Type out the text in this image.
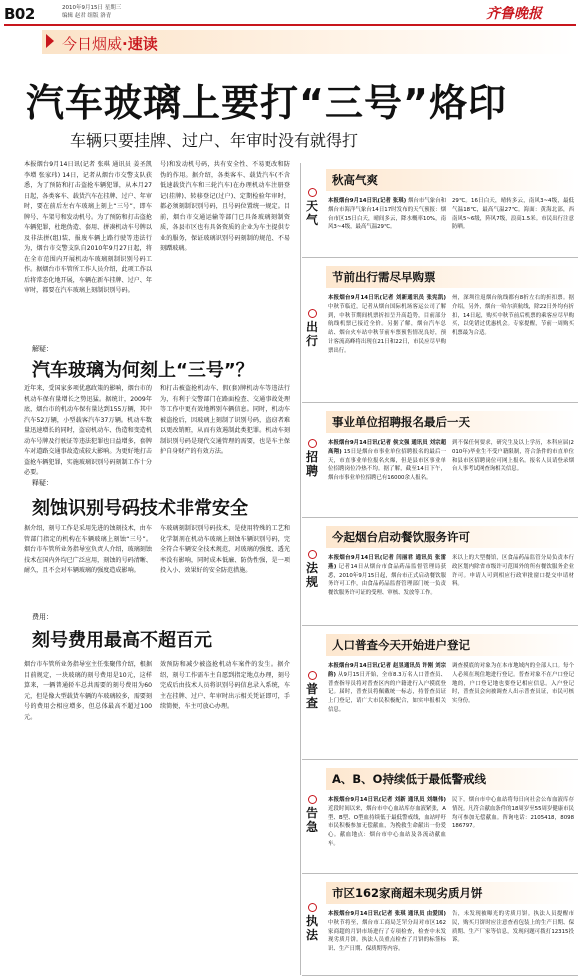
B02	2010年9月15日 星期三
编辑 赵君 组版 洛青	齐鲁晚报
今日烟威·速读
汽车玻璃上要打“三号”烙印
车辆只要挂牌、过户、年审时没有就得打
本报烟台9月14日讯(记者 张琪 通讯员 姜圣凯 李增 张家玮) 14日，记者从烟台市交警支队获悉，为了预防和打击盗抢车辆犯罪，从本月27日起，各类客车、载货汽车在挂牌、过户、年审时，要在前后左右车玻璃上刻上“三号”，即车牌号、车架号和发动机号。为了预防和打击盗抢车辆犯罪，杜绝伪造、套用、拼凑机动车号牌以及非法拼(组)装、报废车辆上路行驶等违法行为，烟台市交警支队自2010年9月27日起，将在全市范围内开展机动车玻璃刻制识别号码工作。据烟台市车管所工作人员介绍，此项工作以后将常态化地开展，车辆在新车挂牌、过户、年审时，都要在汽车玻璃上刻制识别号码。
号)和发动机号码，共有安全性、不易更改和防伪的作用。据介绍，各类客车、载货汽车(不含低速载货汽车和三轮汽车)在办理机动车注册登记(挂牌)、转移登记(过户)、定期检验年审时，都必须刻制识别号码，且号码位置统一规定。目前，烟台市交通运输等部门已具备玻璃刻制资质，各县市区也有具备资质的企业为车主提供专业的服务，保证玻璃识别号码刻制的规范、不易刻蹭玻璃。
解疑：
汽车玻璃为何刻上“三号”？
近年来，受国家多项优惠政策的影响，烟台市的机动车保有量增长之势迅猛。据统计，2009年底，烟台市的机动车保有量达到155万辆，其中汽车52万辆，小型载客汽车37万辆。机动车数量迅速增长的同时，盗窃机动车、伪造和变造机动车号牌及行驶证等违法犯罪也日益增多，套牌车对道路交通事故造成较大影响。为更好地打击盗抢车辆犯罪，实施玻璃识别号码刻制工作十分必要。
和打击被盗抢机动车、假(套)牌机动车等违法行为，有利于交警部门在路面检查、交通事故处理等工作中更有效地辨别车辆信息。同时，机动车被盗抢后，因玻璃上刻制了识别号码，盗窃者难以更改销赃，从而有效遏制此类犯罪。机动车刻制识别号码是现代交通管理的需要，也是车主保护自身财产的有效方法。
释疑：
刻蚀识别号码技术非常安全
据介绍，刻号工作是采用先进的蚀刻技术，由车管部门指定的机构在车辆玻璃上刻蚀“三号”。烟台市车管所业务指导室负责人介绍，玻璃刻蚀技术在国内外均已广泛应用，刻蚀的号码清晰、耐久，且不会对车辆玻璃的强度造成影响。
车玻璃刻制识别号码技术，是使用特殊的工艺和化学制剂在机动车玻璃上刻蚀车辆识别号码，完全符合车辆安全技术规范，对玻璃的强度、透光率没有影响，同时成本低廉、防伪性强，是一项投入小、效果好的安全防范措施。
费用：
刻号费用最高不超百元
烟台市车管所业务指导室主任张聚伟介绍，根据目前规定，一块玻璃的刻号费用是10元，这样算来，一辆普通轿车总共需要的刻号费用为60元，但是像大型载货车辆的车玻璃较多，需要刻号的费用会相应增多，但总体最高不超过100元。
效预防和减少被盗抢机动车案件的发生。据介绍，刻号工作需车主自愿到指定地点办理，刻号完成后由技术人员将识别号码信息录入系统，车主在挂牌、过户、年审时出示相关凭证即可，手续简便，车主可放心办理。
天气
秋高气爽
本报烟台9月14日讯(记者 张琪) 烟台市气象台和烟台市海洋气象台14日17时发布的天气预报：烟台市区15日白天，晴间多云，降水概率10%，南风3~4级，最高气温29℃。
29℃。16日白天，晴转多云，南风3~4级，最低气温18℃，最高气温27℃。海面：黄海北部，西南风5~6级，阵风7级，浪高1.5米。市民出行注意防晒。
出行
节前出行需尽早购票
本报烟台9月14日讯(记者 刘新通讯员 张宪凯) 中秋节临近，记者从烟台国际机场客运公司了解到，中秋节期间机票折扣呈升高趋势，目前部分航线机票已接近全价。另据了解，烟台汽车总站、烟台火车站中秋节前车票预售情况良好，预计客流高峰将出现在21日和22日，市民应尽早购票出行。
州，深圳往返烟台航线都有8折左右的折扣票。据介绍，另外，烟台一哈尔滨航线，除22日外均有折扣，14日起，购买中秋节前后机票的乘客应尽早购买，以免错过优惠机会。专家提醒，节前一周购买机票最为合适。
招聘
事业单位招聘报名最后一天
本报烟台9月14日讯(记者 侯文强 通讯员 刘宗超 高翔) 15日是烟台市事业单位招聘报名的最后一天，市直事业单位报名火爆，但是县市区事业单位招聘岗位冷热不均。据了解，截至14日下午，烟台市事业单位招聘已有16000余人报名。
到不保任何要求，研究生及以上学历，本科应届(2010年)毕业生不受户籍限制，符合条件的市直单位和县市区招聘岗位可网上报名。报名人员请登录烟台人事考试网查询相关信息。
法规
今起烟台启动餐饮服务许可
本报烟台9月14日讯(记者 闫丽君 通讯员 张雷燕) 记者14日从烟台市食品药品监督管理局获悉，2010年9月15日起，烟台市正式启动餐饮服务许可工作，由食品药品监督管理部门统一负责餐饮服务许可证的受理、审核、发放等工作。
米以上的大型餐馆，区食品药品监管分局负责本行政区划内除省市级许可范围外的所有餐饮服务企业许可。申请人可到相应行政审批窗口提交申请材料。
普查
人口普查今天开始进户登记
本报烟台9月14日讯(记者 赵昱通讯员 许刚 刘宗韵) 从9月15日开始，全市8.3万名人口普查员、普查指导员将对普查区内的户籍进行入户摸底登记。届时，普查员将佩戴统一标志，持普查员证上门登记，请广大市民积极配合，如实申报相关信息。
调查摸底的对象为在本市地域内的全部人口。每个人必须在现住地进行登记。普查对象不在户口登记地的，户口登记地也要登记相应信息。入户登记时，普查员会向被调查人出示普查员证，市民可核实身份。
告急
A、B、O持续低于最低警戒线
本报烟台9月14日讯(记者 刘新 通讯员 刘继伟) 近段时间以来，烟台市中心血站库存血液紧张，A型、B型、O型血持续低于最低警戒线，血站呼吁市民积极参加无偿献血，为挽救生命献出一份爱心。献血地点：烟台市中心血站及各流动献血车。
民下，烟台市中心血站将每日向社会公布血液库存情况。凡符合献血条件的18周岁至55周岁健康市民均可参加无偿献血。咨询电话：2105418，8098186797。
执法
市区162家商超未现劣质月饼
本报烟台9月14日讯(记者 张琪 通讯员 由爱国) 中秋节将至，烟台市工商局芝罘分局对市区162家商超的月饼市场进行了专项检查，检查中未发现劣质月饼。执法人员重点检查了月饼的标签标识、生产日期、保质期等内容。
告，未发现被曝光的劣质月饼。执法人员提醒市民，购买月饼时应注意查看包装上的生产日期、保质期、生产厂家等信息，发现问题可拨打12315投诉。
